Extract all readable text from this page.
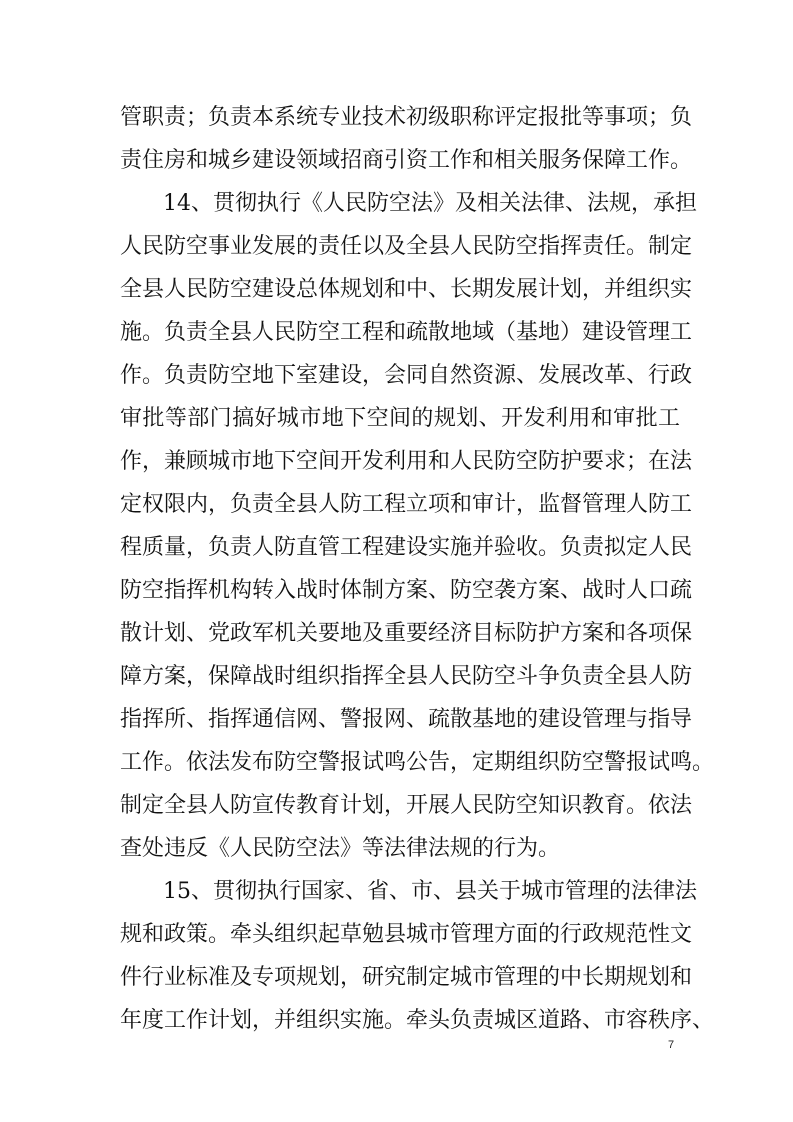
管职责；负责本系统专业技术初级职称评定报批等事项；负
责住房和城乡建设领域招商引资工作和相关服务保障工作。
14、贯彻执行《人民防空法》及相关法律、法规，承担
人民防空事业发展的责任以及全县人民防空指挥责任。制定
全县人民防空建设总体规划和中、长期发展计划，并组织实
施。负责全县人民防空工程和疏散地域（基地）建设管理工
作。负责防空地下室建设，会同自然资源、发展改革、行政
审批等部门搞好城市地下空间的规划、开发利用和审批工
作，兼顾城市地下空间开发利用和人民防空防护要求；在法
定权限内，负责全县人防工程立项和审计，监督管理人防工
程质量，负责人防直管工程建设实施并验收。负责拟定人民
防空指挥机构转入战时体制方案、防空袭方案、战时人口疏
散计划、党政军机关要地及重要经济目标防护方案和各项保
障方案，保障战时组织指挥全县人民防空斗争负责全县人防
指挥所、指挥通信网、警报网、疏散基地的建设管理与指导
工作。依法发布防空警报试鸣公告，定期组织防空警报试鸣。
制定全县人防宣传教育计划，开展人民防空知识教育。依法
查处违反《人民防空法》等法律法规的行为。
15、贯彻执行国家、省、市、县关于城市管理的法律法
规和政策。牵头组织起草勉县城市管理方面的行政规范性文
件行业标准及专项规划，研究制定城市管理的中长期规划和
年度工作计划，并组织实施。牵头负责城区道路、市容秩序、
7
